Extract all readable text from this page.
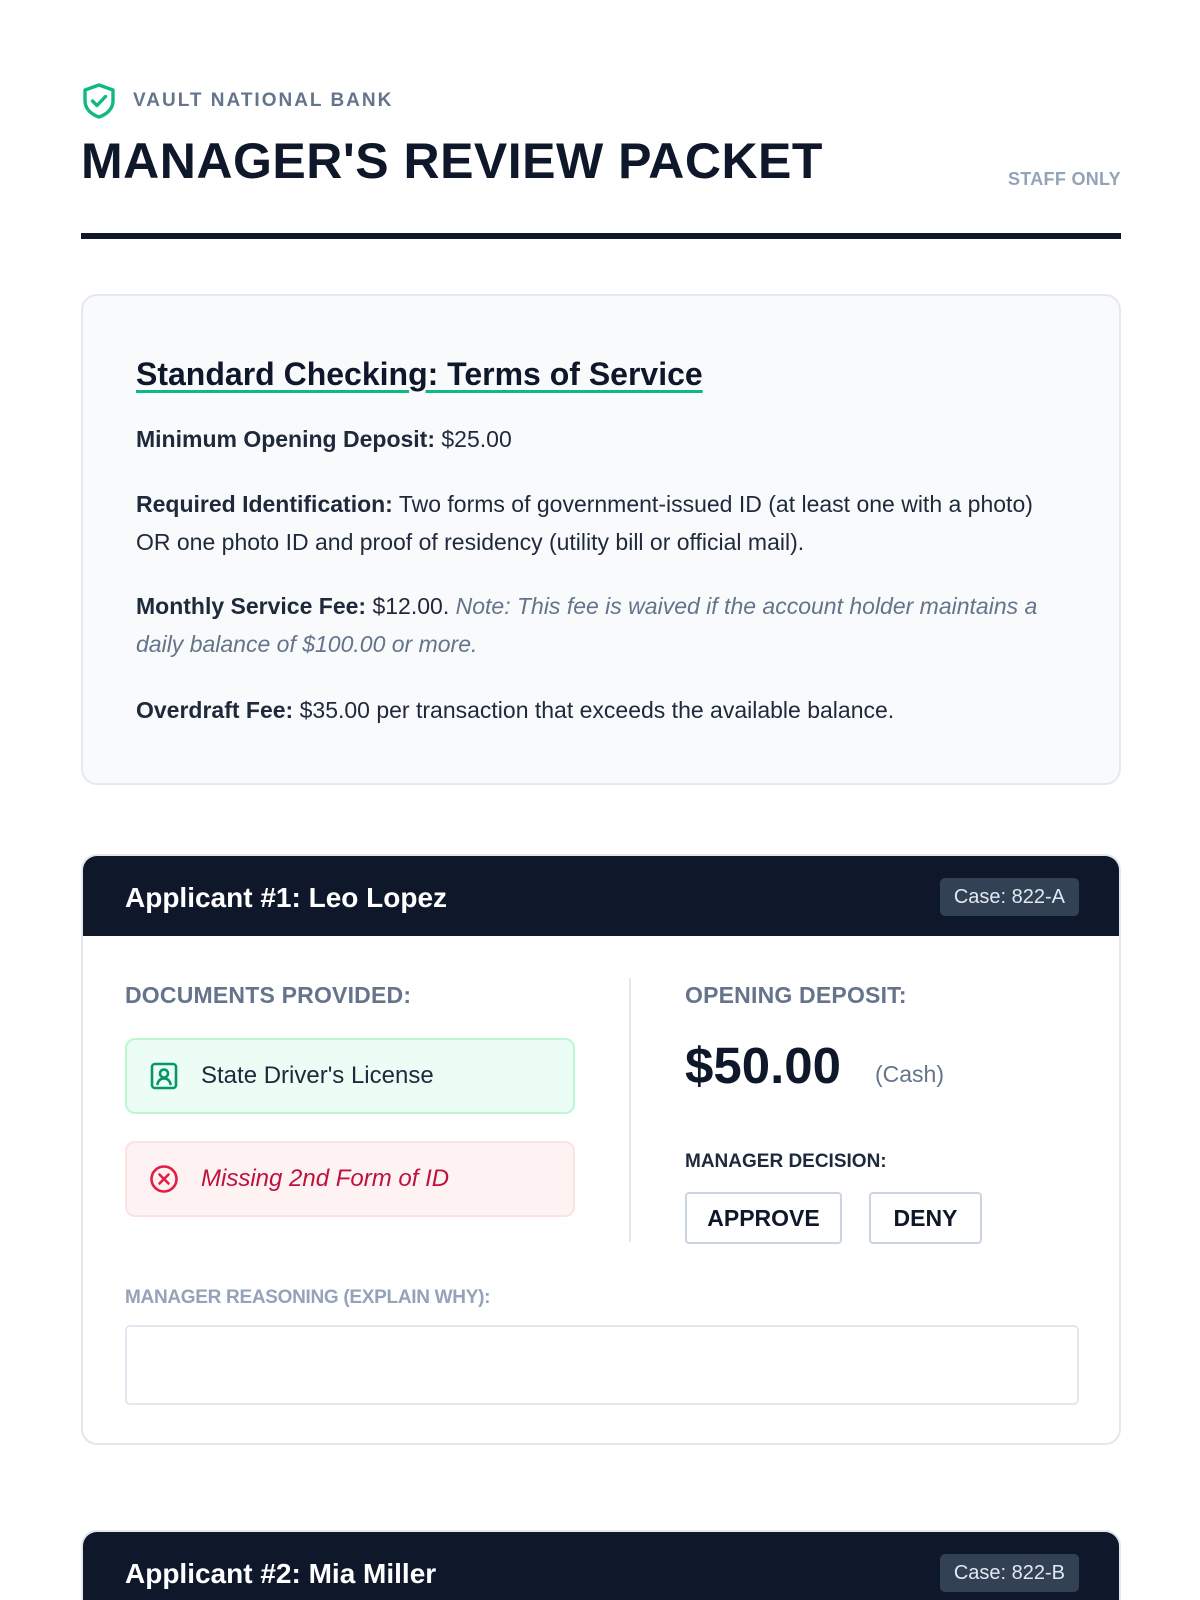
VAULT NATIONAL BANK
MANAGER'S REVIEW PACKET	STAFF ONLY
Standard Checking: Terms of Service

Minimum Opening Deposit: $25.00

Required Identification: Two forms of government-issued ID (at least one with a photo) OR one photo ID and proof of residency (utility bill or official mail).

Monthly Service Fee: $12.00. Note: This fee is waived if the account holder maintains a daily balance of $100.00 or more.

Overdraft Fee: $35.00 per transaction that exceeds the available balance.

Applicant #1: Leo Lopez	Case: 822-A
DOCUMENTS PROVIDED:
State Driver's License
Missing 2nd Form of ID
OPENING DEPOSIT:
$50.00 (Cash)
MANAGER DECISION:
APPROVE	DENY
MANAGER REASONING (EXPLAIN WHY):
Applicant #2: Mia Miller	Case: 822-B
